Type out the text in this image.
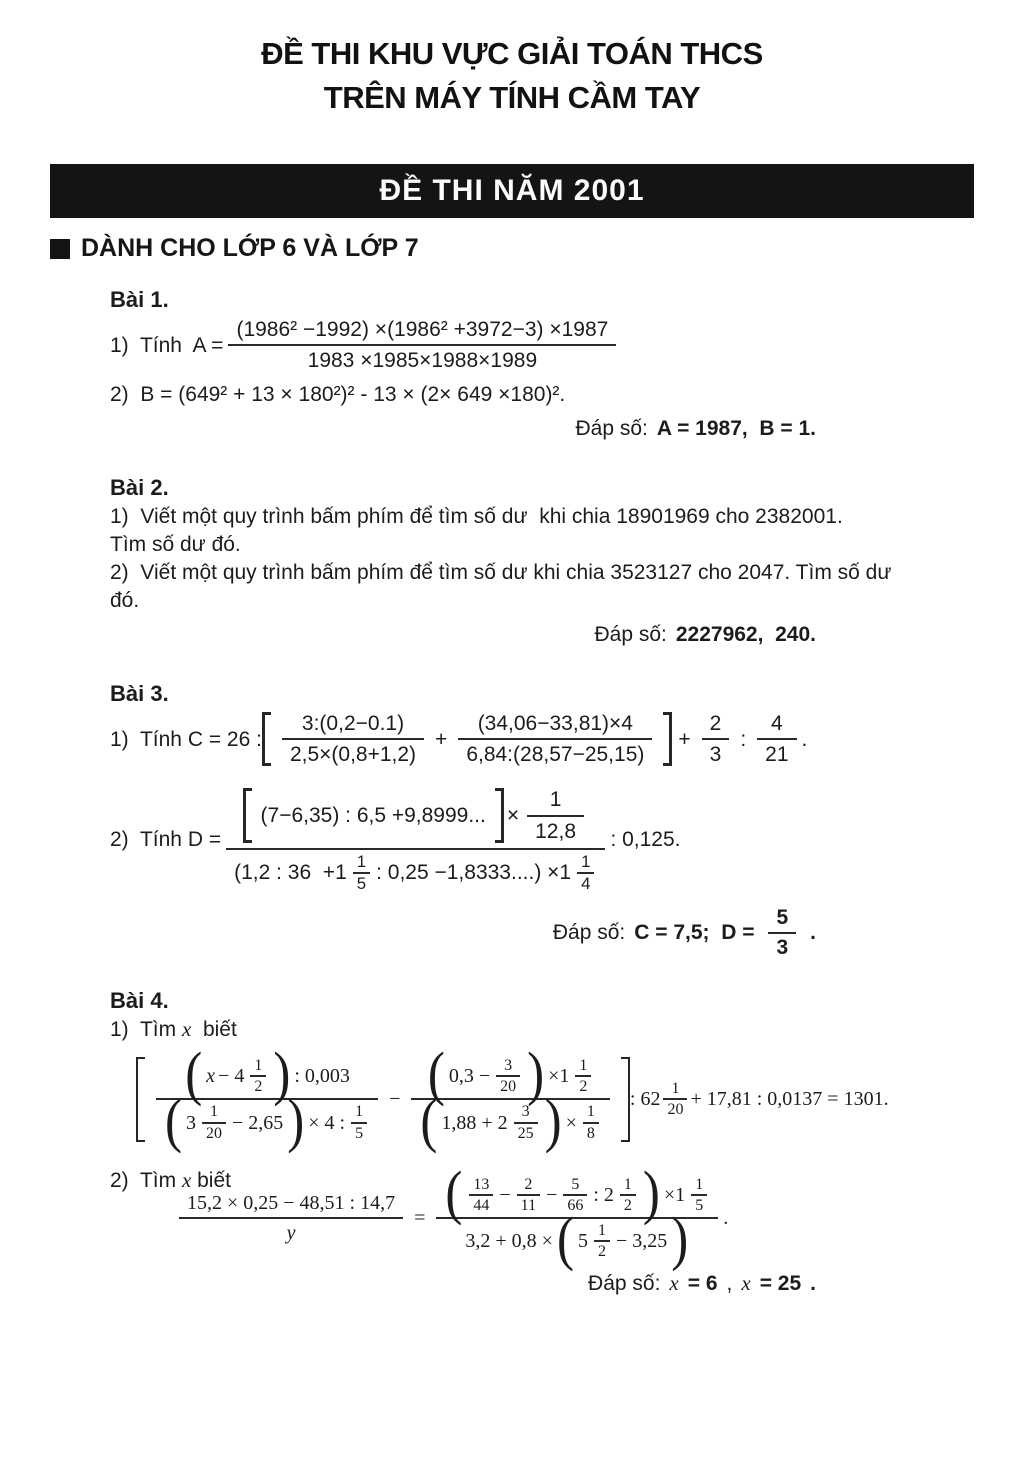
ĐỀ THI KHU VỰC GIẢI TOÁN THCS
TRÊN MÁY TÍNH CẦM TAY
ĐỀ THI NĂM 2001
DÀNH CHO LỚP 6 VÀ LỚP 7
Bài 1.
1)  Tính  $A = \frac{\text{(1986² −1992) ×(1986² +3972−3) ×1987}}{1983 \times 1985\times 1988\times 1989}$
2)  B = (649² + 13 × 180²)² - 13 × (2× 649 ×180)².
Đáp số: A = 1987,  B = 1.
Bài 2.
1)  Viết một quy trình bấm phím để tìm số dư  khi chia 18901969 cho 2382001.
Tìm số dư đó.
2)  Viết một quy trình bấm phím để tìm số dư khi chia 3523127 cho 2047. Tìm số dư
đó.
Đáp số: 2227962,  240.
Bài 3.
1)  Tính C = 26 : $\frac{3:(0,2-0.1)}{2,5\times(0,8+1,2)} + \frac{(34,06-33,81)\times 4}{6,84:(28,57-25,15)} + \frac{2}{3}$ : $\frac{4}{21}$ .
2)  Tính D =
(7−6,35) : 6,5 +9,8999... × $\frac{1}{12,8}$
(1,2 : $36 +1 \frac{1}{5}$ : $0,25 -1,8333....) \times 1 \frac{1}{4}$
: 0,125.
Đáp số: C = 7,5;  $D = \frac{5}{3}$ .
Bài 4.
1)  Tìm x  biết
( $x - 4 \frac{1}{2}$ ) : 0,003
( $3 \frac{1}{20} - 2,65$ ) × 4 : $\frac{1}{5}$
− ( $0,3 - \frac{3}{20}$ ) $\times 1 \frac{1}{2}$
( $1,88 + 2 \frac{3}{25}$ ) × $\frac{1}{8}$
: $62 \frac{1}{20} + 17,81$ : 0,0137 = 1301.
2)  Tìm x biết
$\frac{15,2 \times 0,25 - 48,51 : 14,7}{y}$ = ( $\frac{13}{44} - \frac{2}{11} - \frac{5}{66}$ : $2 \frac{1}{2}$ ) $\times 1 \frac{1}{5}$
3,2 + 0,8 × ( $5 \frac{1}{2} - 3,25$ ) .
Đáp số: x = 6 , x = 25 .
